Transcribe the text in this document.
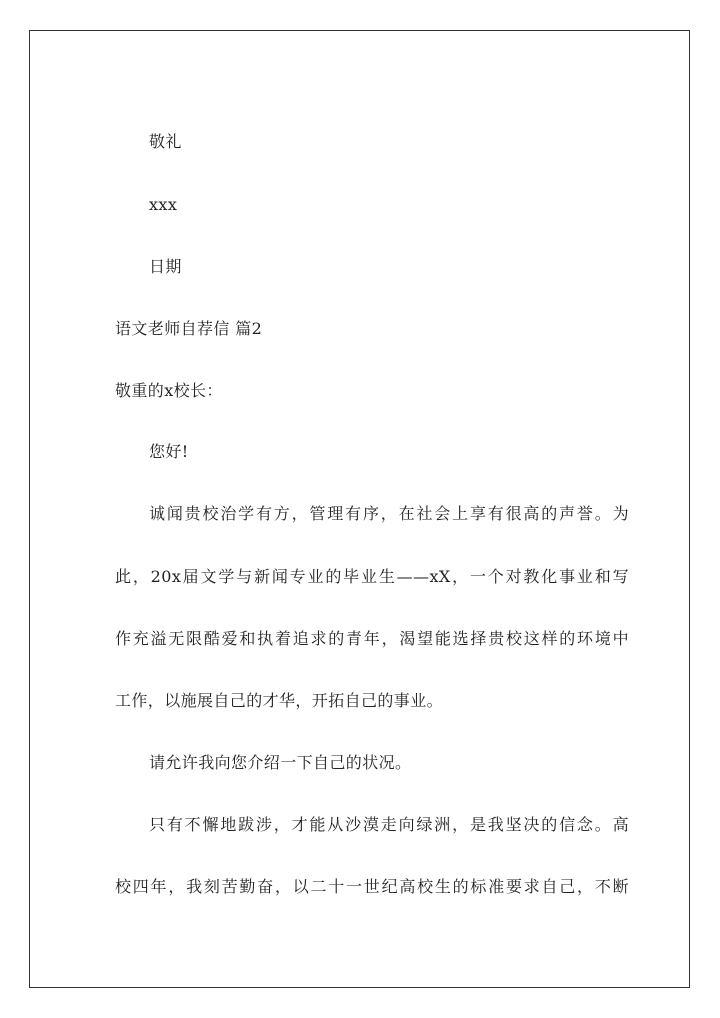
敬礼
xxx
日期
语文老师自荐信 篇2
敬重的x校长：
您好!
诚闻贵校治学有方，管理有序，在社会上享有很高的声誉。为
此，20x届文学与新闻专业的毕业生——xX，一个对教化事业和写
作充溢无限酷爱和执着追求的青年，渴望能选择贵校这样的环境中
工作，以施展自己的才华，开拓自己的事业。
请允许我向您介绍一下自己的状况。
只有不懈地跋涉，才能从沙漠走向绿洲，是我坚决的信念。高
校四年，我刻苦勤奋，以二十一世纪高校生的标准要求自己，不断
